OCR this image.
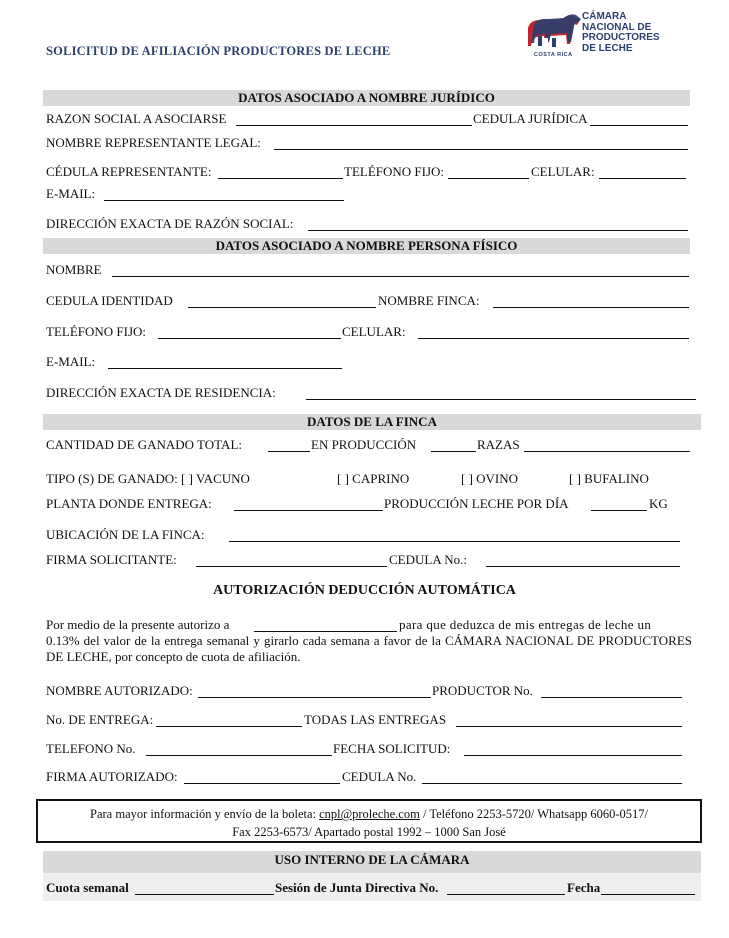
SOLICITUD DE AFILIACIÓN PRODUCTORES DE LECHE	COSTA RICA
CÁMARA
NACIONAL DE
PRODUCTORES
DE LECHE
DATOS ASOCIADO A NOMBRE JURÍDICO
RAZON SOCIAL A ASOCIARSE	CEDULA JURÍDICA
NOMBRE REPRESENTANTE LEGAL:
CÉDULA REPRESENTANTE:	TELÉFONO FIJO:	CELULAR:
E-MAIL:
DIRECCIÓN EXACTA DE RAZÓN SOCIAL:
DATOS ASOCIADO A NOMBRE PERSONA FÍSICO
NOMBRE
CEDULA IDENTIDAD	NOMBRE FINCA:
TELÉFONO FIJO:	CELULAR:
E-MAIL:
DIRECCIÓN EXACTA DE RESIDENCIA:
DATOS DE LA FINCA
CANTIDAD DE GANADO TOTAL:	EN PRODUCCIÓN	RAZAS
TIPO (S) DE GANADO: [ ] VACUNO	[ ] CAPRINO	[ ] OVINO	[ ] BUFALINO
PLANTA DONDE ENTREGA:	PRODUCCIÓN LECHE POR DÍA	KG
UBICACIÓN DE LA FINCA:
FIRMA SOLICITANTE:	CEDULA No.:
AUTORIZACIÓN DEDUCCIÓN AUTOMÁTICA
Por medio de la presente autorizo a	para que deduzca de mis entregas de leche un
0.13% del valor de la entrega semanal y girarlo cada semana a favor de la CÁMARA NACIONAL DE PRODUCTORES DE LECHE, por concepto de cuota de afiliación.
NOMBRE AUTORIZADO:	PRODUCTOR No.
No. DE ENTREGA:	TODAS LAS ENTREGAS
TELEFONO No.	FECHA SOLICITUD:
FIRMA AUTORIZADO:	CEDULA No.
Para mayor información y envío de la boleta: cnpl@proleche.com / Teléfono 2253-5720/ Whatsapp 6060-0517/
Fax 2253-6573/ Apartado postal 1992 – 1000 San José
USO INTERNO DE LA CÁMARA
Cuota semanal	Sesión de Junta Directiva No.	Fecha
